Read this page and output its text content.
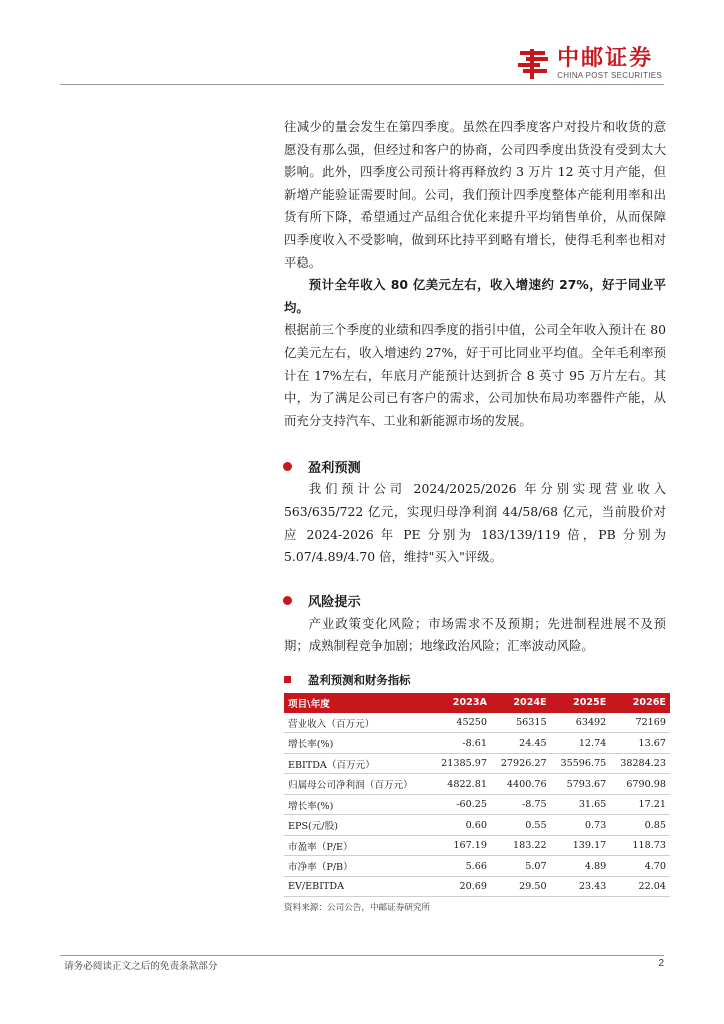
中邮证券
CHINA POST SECURITIES

往减少的量会发生在第四季度。虽然在四季度客户对投片和收货的意愿没有那么强，但经过和客户的协商，公司四季度出货没有受到太大影响。此外，四季度公司预计将再释放约 3 万片 12 英寸月产能，但新增产能验证需要时间。公司，我们预计四季度整体产能利用率和出货有所下降，希望通过产品组合优化来提升平均销售单价，从而保障四季度收入不受影响，做到环比持平到略有增长，使得毛利率也相对平稳。

预计全年收入 80 亿美元左右，收入增速约 27%，好于同业平均。

根据前三个季度的业绩和四季度的指引中值，公司全年收入预计在 80 亿美元左右，收入增速约 27%，好于可比同业平均值。全年毛利率预计在 17%左右，年底月产能预计达到折合 8 英寸 95 万片左右。其中，为了满足公司已有客户的需求，公司加快布局功率器件产能，从而充分支持汽车、工业和新能源市场的发展。

盈利预测

我们预计公司 2024/2025/2026 年分别实现营业收入 563/635/722 亿元，实现归母净利润 44/58/68 亿元，当前股价对应 2024-2026 年 PE 分别为 183/139/119 倍，PB 分别为 5.07/4.89/4.70 倍，维持"买入"评级。

风险提示

产业政策变化风险；市场需求不及预期；先进制程进展不及预期；成熟制程竞争加剧；地缘政治风险；汇率波动风险。

盈利预测和财务指标
项目\年度	2023A	2024E	2025E	2026E
营业收入（百万元）	45250	56315	63492	72169
增长率(%)	-8.61	24.45	12.74	13.67
EBITDA（百万元）	21385.97	27926.27	35596.75	38284.23
归属母公司净利润（百万元）	4822.81	4400.76	5793.67	6790.98
增长率(%)	-60.25	-8.75	31.65	17.21
EPS(元/股)	0.60	0.55	0.73	0.85
市盈率（P/E）	167.19	183.22	139.17	118.73
市净率（P/B）	5.66	5.07	4.89	4.70
EV/EBITDA	20.69	29.50	23.43	22.04
资料来源：公司公告，中邮证券研究所
请务必阅读正文之后的免责条款部分	2
